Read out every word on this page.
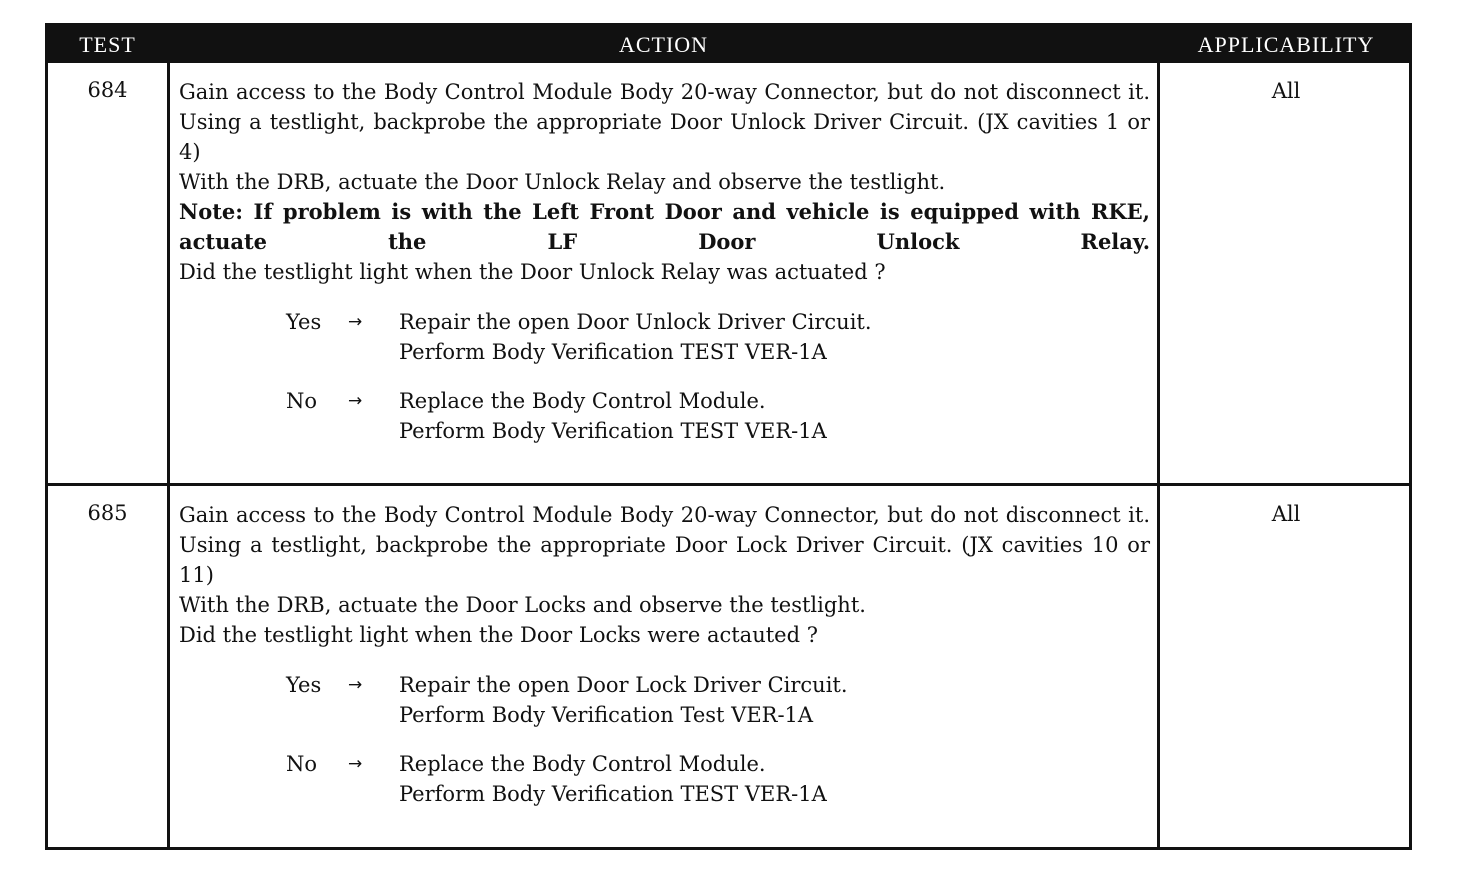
TEST	ACTION	APPLICABILITY
684	Gain access to the Body Control Module Body 20-way Connector, but do not disconnect it.
Using a testlight, backprobe the appropriate Door Unlock Driver Circuit. (JX cavities 1 or 4)
With the DRB, actuate the Door Unlock Relay and observe the testlight.
Note: If problem is with the Left Front Door and vehicle is equipped with RKE, actuate the LF Door Unlock Relay.
Did the testlight light when the Door Unlock Relay was actuated ?
Yes → Repair the open Door Unlock Driver Circuit.
Perform Body Verification TEST VER-1A
No → Replace the Body Control Module.
Perform Body Verification TEST VER-1A
All
685	Gain access to the Body Control Module Body 20-way Connector, but do not disconnect it.
Using a testlight, backprobe the appropriate Door Lock Driver Circuit. (JX cavities 10 or 11)
With the DRB, actuate the Door Locks and observe the testlight.
Did the testlight light when the Door Locks were actauted ?
Yes → Repair the open Door Lock Driver Circuit.
Perform Body Verification Test VER-1A
No → Replace the Body Control Module.
Perform Body Verification TEST VER-1A
All
